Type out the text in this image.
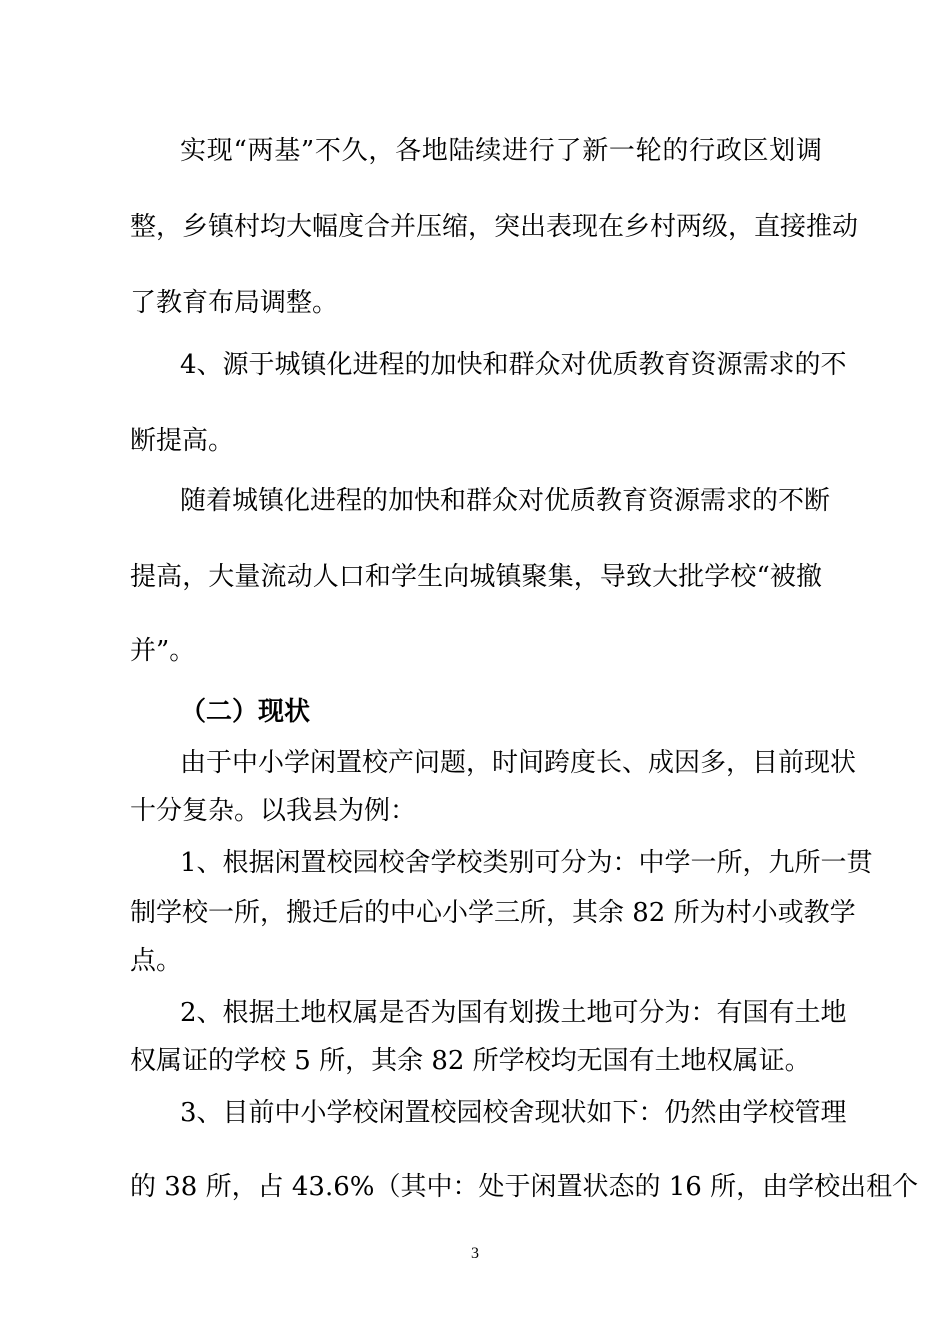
实现“两基”不久，各地陆续进行了新一轮的行政区划调

整，乡镇村均大幅度合并压缩，突出表现在乡村两级，直接推动

了教育布局调整。

4、源于城镇化进程的加快和群众对优质教育资源需求的不

断提高。

随着城镇化进程的加快和群众对优质教育资源需求的不断

提高，大量流动人口和学生向城镇聚集，导致大批学校“被撤

并”。

（二）现状

由于中小学闲置校产问题，时间跨度长、成因多，目前现状

十分复杂。以我县为例：

1、根据闲置校园校舍学校类别可分为：中学一所，九所一贯

制学校一所，搬迁后的中心小学三所，其余 82 所为村小或教学

点。

2、根据土地权属是否为国有划拨土地可分为：有国有土地

权属证的学校 5 所，其余 82 所学校均无国有土地权属证。

3、目前中小学校闲置校园校舍现状如下：仍然由学校管理

的 38 所，占 43.6%（其中：处于闲置状态的 16 所，由学校出租个

3
